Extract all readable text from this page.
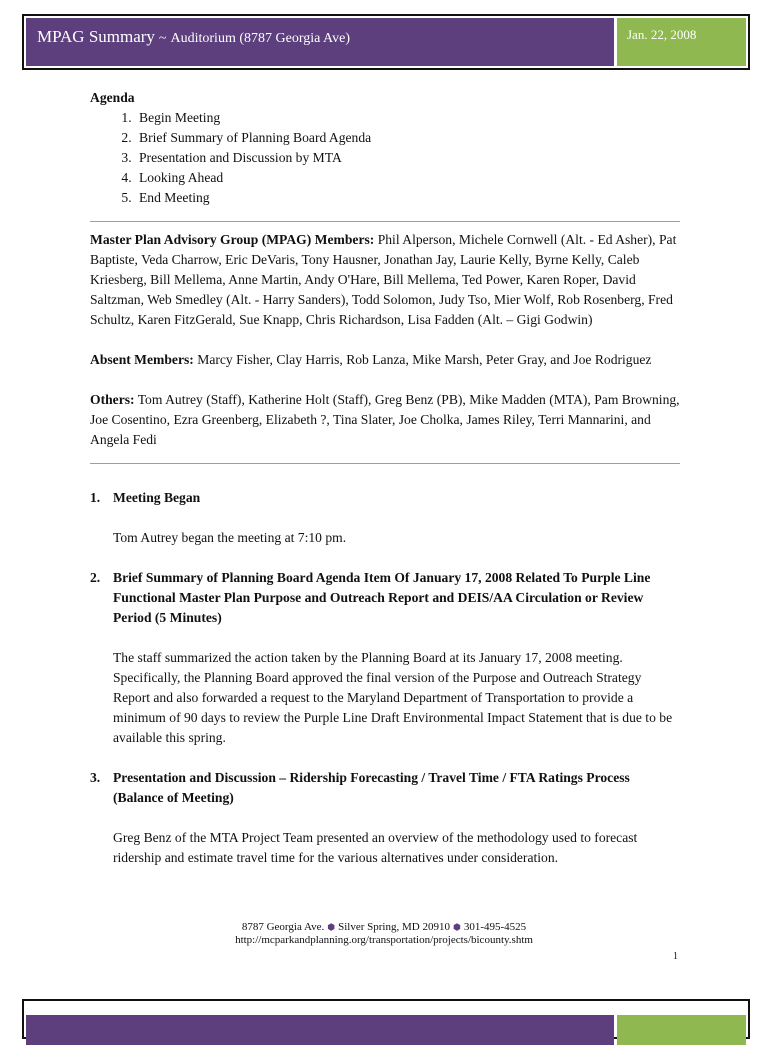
MPAG Summary ~ Auditorium (8787 Georgia Ave)	Jan. 22, 2008
Agenda
1. Begin Meeting
2. Brief Summary of Planning Board Agenda
3. Presentation and Discussion by MTA
4. Looking Ahead
5. End Meeting

Master Plan Advisory Group (MPAG) Members: Phil Alperson, Michele Cornwell (Alt. - Ed Asher), Pat Baptiste, Veda Charrow, Eric DeVaris, Tony Hausner, Jonathan Jay, Laurie Kelly, Byrne Kelly, Caleb Kriesberg, Bill Mellema, Anne Martin, Andy O'Hare, Bill Mellema, Ted Power, Karen Roper, David Saltzman, Web Smedley (Alt. - Harry Sanders), Todd Solomon, Judy Tso, Mier Wolf, Rob Rosenberg, Fred Schultz, Karen FitzGerald, Sue Knapp, Chris Richardson, Lisa Fadden (Alt. – Gigi Godwin)

Absent Members: Marcy Fisher, Clay Harris, Rob Lanza, Mike Marsh, Peter Gray, and Joe Rodriguez

Others: Tom Autrey (Staff), Katherine Holt (Staff), Greg Benz (PB), Mike Madden (MTA), Pam Browning, Joe Cosentino, Ezra Greenberg, Elizabeth ?, Tina Slater, Joe Cholka, James Riley, Terri Mannarini, and Angela Fedi

1. Meeting Began

Tom Autrey began the meeting at 7:10 pm.

2. Brief Summary of Planning Board Agenda Item Of January 17, 2008 Related To Purple Line Functional Master Plan Purpose and Outreach Report and DEIS/AA Circulation or Review Period (5 Minutes)

The staff summarized the action taken by the Planning Board at its January 17, 2008 meeting. Specifically, the Planning Board approved the final version of the Purpose and Outreach Strategy Report and also forwarded a request to the Maryland Department of Transportation to provide a minimum of 90 days to review the Purple Line Draft Environmental Impact Statement that is due to be available this spring.

3. Presentation and Discussion – Ridership Forecasting / Travel Time / FTA Ratings Process (Balance of Meeting)

Greg Benz of the MTA Project Team presented an overview of the methodology used to forecast ridership and estimate travel time for the various alternatives under consideration.

8787 Georgia Ave. ⬢ Silver Spring, MD 20910 ⬢ 301-495-4525
http://mcparkandplanning.org/transportation/projects/bicounty.shtm
1
